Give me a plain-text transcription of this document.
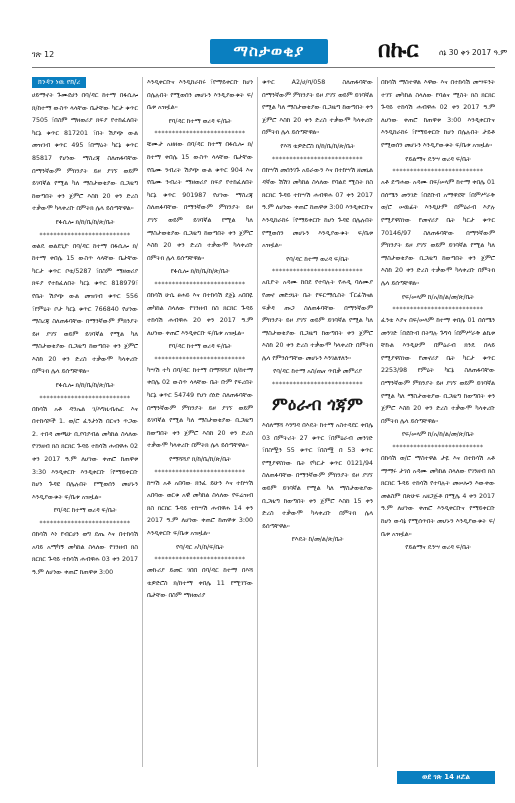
ገጽ 12	ማስታወቂያ	በኩር	ሰኔ 30 ቀን 2017 ዓ.ም
ክንዳን ነዉ የክ/ረ

ሀይማኖት ጉሙደሀን በባ/ዳር ከተማ በፋሲሎ ክ/ከተማ ውስጥ ላላቸው ቤታቸው ካርታ ቁጥር 7505 ፣በስም ማዘወሪያ ክፍያ የተከፈለበት ካርኔ ቁጥር 817201 ፣በት ሽያጭ ውል መዝገብ ቁጥር 495 ፣በማዕት ካርኔ ቁጥር 85817 የሆነው ማስረጃ ስለጠፋባቸው በማንኛውም ምክንያት ይዞ ያገኘ ወይም ይገባኛል የሚል ካለ ማስታወቂያው ቢጋዜጣ ከወጣበት ቀን ጀምሮ እስከ 20 ቀን ድረስ ተቃውሞ ካላቀረቡ በምትክ ሌላ ይሰጣቸዋል።

የፋሲሎ ክ/ከ/ቤ/ከ/ጽ/ቤት
**************************

ወልዴ ወልደጊዮ በባ/ዳር ከተማ በፋሲሎ ክ/ከተማ ቀበሌ 15 ውስጥ ላላቸው ቤታቸው ካርታ ቁጥር ቦቴ/5287 ፣በስም ማዘወሪያ ክፍያ የተከፈለበት ካርኔ ቁጥር 818979፣ የቤት ሽያጭ ውል መዝገብ ቁጥር 556 ፣የምዕት ቦታ ካርኔ ቁጥር 766840 የሆነው ማስረጃ ስለጠፋባቸው በማንኛውም ምክንያት ይዞ ያገኘ ወይም ይገባኛል የሚል ካለ ማስታወቂያው ቢጋዜጣ ከወጣበት ቀን ጀምሮ እስከ 20 ቀን ድረስ ተቃውሞ ካላቀረቡ በምትክ ሌላ ይሰጣቸዋል።

የፋሲሎ ክ/ከ/ቤ/ከ/ጽ/ቤት
**************************

በከሳሽ አቶ ዳንኤል ገ/እግዚብሔር እና በተከሳሾች 1. ወ/ሮ ፈንታነሽ በርናን ጥጋው 2. ተበዳ መጫሁ ቢያባያብል መካከል ስላለው የገንዘብ ክስ ክርክር ጉዳይ ተከሳሽ ሐብዋሐ 02 ቀን 2017 ዓ.ም ለሆነው ቀጠሮ ከጠዋቱ 3:30 እንዲቀርቡ እንዲቀርቡ ፣የማይቀርቡ ከሆነ ጉዳዩ በሌሉበት የሚወሰን መሆኑን እንዲያውቁት ፍ/ቤቱ አዝዟል።

የባ/ዳር ከተማ ወረዳ ፍ/ቤት
**************************

በከሳሽ እነ የብርሀን ወግ ደጤ እና በተከሳሽ አባይ አማካኝ መካከል ስላለው የገንዘብ ክስ ክርክር ጉዳይ ተከሳሽ ሐብዋሐ 03 ቀን 2017 ዓ.ም ለሆነው ቀጠሮ ከጠዋቱ 3:00

እንዲቀርቡና እንዲከራከሩ ፣የማይቀርቡ ከሆነ በሌሉበት የሚወሰን መሆኑን እንዲያውቁት ፍ/ቤቱ አዝዟል።

የባ/ዳር ከተማ ወረዳ ፍ/ቤት
**************************

ቹሙታ አዘዘው በባ/ዳር ከተማ በፋሲሎ ክ/ከተማ ቀበሌ 15 ውስጥ ላላቸው ቤታቸው የቤሙ ንብረት ሽያጭ ውል ቁጥር 904 እና የቤሙ ንብረት ማዘወሪያ ክፍያ የተከፈለበት ካርኔ ቁጥር 901987 የሆነው ማስረጃ ስለጠፋባቸው በማንኛውም ምክንያት ይዞ ያገኘ ወይም ይገባኛል የሚል ካለ ማስታወቂያው ቢጋዜጣ ከወጣበት ቀን ጀምሮ እስከ 20 ቀን ድረስ ተቃውሞ ካላቀረቡ በምትክ ሌላ ይሰጣቸዋል።

የፋሲሎ ክ/ከ/ቤ/ከ/ጽ/ቤት
**************************

በከሳሽ ሁሴ ፀሐይ እና በተከሳሽ ደጀኔ አበበዬ መካከል ስላለው የገንዘብ ክስ ክርክር ጉዳይ ተከሳሽ ሐብዋሐ 20 ቀን 2017 ዓ.ም ለሆነው ቀጠሮ እንዲቀርቡ ፍ/ቤቱ አዝዟል።

የባ/ዳር ከተማ ወረዳ ፍ/ቤት
**************************

ካሣሽ ተካ በባ/ዳር ከተማ በማሻሻያ ክ/ከተማ ቀበሌ 02 ውስጥ ላላቸው ቤት ቡም የፍረበት ካርኔ ቁጥር 54749 የሆነ ሰነድ ስለጠፋባቸው በማንኛውም ምክንያት ይዞ ያገኘ ወይም ይገባኛል የሚል ካለ ማስታወቂያው ቢጋዜጣ ከወጣበት ቀን ጀምሮ እስከ 20 ቀን ድረስ ተቃውሞ ካላቀረቡ በምትክ ሌላ ይሰጣቸዋል።

የማሻሻያ ክ/ከ/ቤ/ከ/ጽ/ቤት
**************************

ከሣሽ አቶ አበባው ክንፈ ይሁን እና ተከሣሽ አበባው ወርቁ አዊ መካከል ስላለው የፍሬዝብ ክስ ክርክር ጉዳይ ተከሣሽ ሐብዋሐ 14 ቀን 2017 ዓ.ም ለሆነው ቀጠሮ ከጠዋቱ 3:00 እንዲቀርቡ ፍ/ቤቱ አዝዟል።

የባ/ዳር አካ/ከ/ፍ/ቤት
**************************

መኩሪያ ይመር ገበበ በባ/ዳር ከተማ በእሻ ቴዎድሮስ ክ/ከተማ ቀበሌ 11 የሚገኘው ቤታቸው በስም ማዘወሪያ

ቁጥር A2/ሀ/ባ/058 ስለጠፋባቸው በማንኛውም ምክንያት ይዞ ያገኘ ወይም ይገባኛል የሚል ካለ ማስታወቂያው ቢጋዜጣ ከወጣበት ቀን ጀምሮ እስከ 20 ቀን ድረስ ተቃውሞ ካላቀረቡ በምትክ ሌላ ይሰጣቸዋል።

የእሻ ቴዎድሮስ ክ/ከ/ቤ/ከ/ጽ/ቤት
**************************

በከሣሽ መሰንገጉ አይራውን እና በተከሣሽ ዘመኒል ዳኛው ሽሽገ መካከል ስላለው የባልደ ሚስት ክስ ክርክር ጉዳይ ተከሣሽ ሐብዋሐ 07 ቀን 2017 ዓ.ም ለሆነው ቀጠሮ ከጠዋቱ 3:00 እንዲቀርቡና እንዲከራከሩ ፣የማይቀርቡ ከሆነ ጉዳዩ በሌሉበት የሚወሰን መሆኑን እንዲያውቁት ፍ/ቤቱ አዝዟል።

የባ/ዳር ከተማ ወረዳ ፍ/ቤት
**************************

አቢዮት አዳሙ ከበደ የተባሉት የሐዲ ባለሙያ የመኖ መድኃኒት ቤት የፍርማሲስት ፐርፊሽናል ፍቃዳ ጡጋ ስለጠፋባቸው በማንኛውም ምክንያት ይዞ ያገኘ ወይም ይገባኛል የሚል ካለ ማስታወቂያው ቢጋዜጣ ከወጣበት ቀን ጀምሮ እስከ 20 ቀን ድረስ ተቃውሞ ካላቀረቡ በምትክ ሌላ የምንሰጣቸው መሆኑን እንገልፃለን።

የባ/ዳር ከተማ አስ/ጤና ጥበቃ መምሪያ
**************************
ምዕራብ ጎጃም

እሰለማሻ እንግዳ በእዴት ከተማ አስተዳደር ቀበሌ 03 በምትሪት 27 ቁጥር ፣በምዕራብ መንገድ ፣በስሟን 55 ቁጥር ፣በስሟ በ 53 ቁጥር የሚያዋስነው ቤት የካርታ ቁጥር 0121/94 ስለጠፋባቸው በማንኛውም ምክንያት ይዞ ያገኘ ወይም ይገባኛል የሚል ካለ ማስታወቂያው ቢጋዜጣ ከወጣበት ቀን ጀምሮ እስከ 15 ቀን ድረስ ተቃውሞ ካላቀረቡ በምትክ ሌላ ይሰጣቸዋል።

የእዴት ከ/መ/ል/ጽ/ቤት

በከሳሽ ማስተዋል እዋው እና በተከሳሽ መሣፍንት ተገኘ መካከል ስላለው የባልና ሚስት ክስ ክርክር ጉዳይ ተከሳሽ ሐብዋሐ 02 ቀን 2017 ዓ.ም ለሆነው ቀጠሮ ከጠዋቱ 3:00 እንዲቀርቡና እንዲከራከሩ ፣የማይቀርቡ ከሆነ በሌሉበት ታይቶ የሚወሰን መሆኑን እንዲያውቁት ፍ/ቤቱ አዝዟል።

የይልማና ዴንሣ ወረዳ ፍ/ቤት
**************************

አቶ ደጣሐው አዳሙ በፍ/ሠላም ከተማ ቀበሌ 01 በሰሜን መንገድ ፣በደቡብ አማዋደቸ ፣በምሥራቅ ወ/ሮ ሠዉፊት እንዲሁም በምዕራብ እያሉ የሚያዋስነው የመኖሪያ ቤት ካርታ ቁጥር 70146/97 ስለጠፋባቸው በማንኛውም ምክንያት ይዞ ያገኘ ወይም ይገባኛል የሚል ካለ ማስታወቂያው ቢጋዜጣ ከወጣበት ቀን ጀምሮ እስከ 20 ቀን ድረስ ተቃውሞ ካላቀረቡ በምትክ ሌላ ይሰጣቸዋል።

የፍ/ሠላም ከ/አ/ከ/ል/መ/ጽ/ቤት
**************************

ፈንቴ እያና በፍ/ሠላም ከተማ ቀበሌ 01 በሰሜን መንገድ ፣በደቡብ በትግሉ ጉግሳ ፣በምሥራቅ ልኬቱ ቸኩል እንዲሁም በምዕራብ ክንዴ በላይ የሚያዋስነው የመኖሪያ ቤት ካርታ ቁጥር 2253/98 የምዕት ካርኔ ስለጠፋባቸው በማንኛውም ምክንያት ይዞ ያገኘ ወይም ይገባኛል የሚል ካለ ማስታወቂያው ቢጋዜጣ ከወጣበት ቀን ጀምሮ እስከ 20 ቀን ድረስ ተቃውሞ ካላቀረቡ በምትክ ሌላ ይሰጣቸዋል።

የፍ/ሠላም ከ/አ/ከ/ል/መ/ጽ/ቤት
**************************

በከሳሽ ወ/ሮ ማስተዋል ታዬ እና በተከሳሽ አቶ ማማሩ ታገሰ አዳሙ መካከል ስላለው የገንዘብ ክስ ክርክር ጉዳይ ተከሳሽ የተባሉት መሠሎን እውቀው መልስም በጽሁፍ አዘጋጅቶ በሚሌ 4 ቀን 2017 ዓ.ም ለሆነው ቀጠሮ እንዲቀርቡና የማይቀርቡ ከሆነ ውሳኔ የሚሰጥበት መሆኑን እንዲያውቁት ፍ/ቤቱ አዝዟል።

የይልማና ዴንሣ ወረዳ ፍ/ቤት
ወደ ገጽ 14 ዞሯል
